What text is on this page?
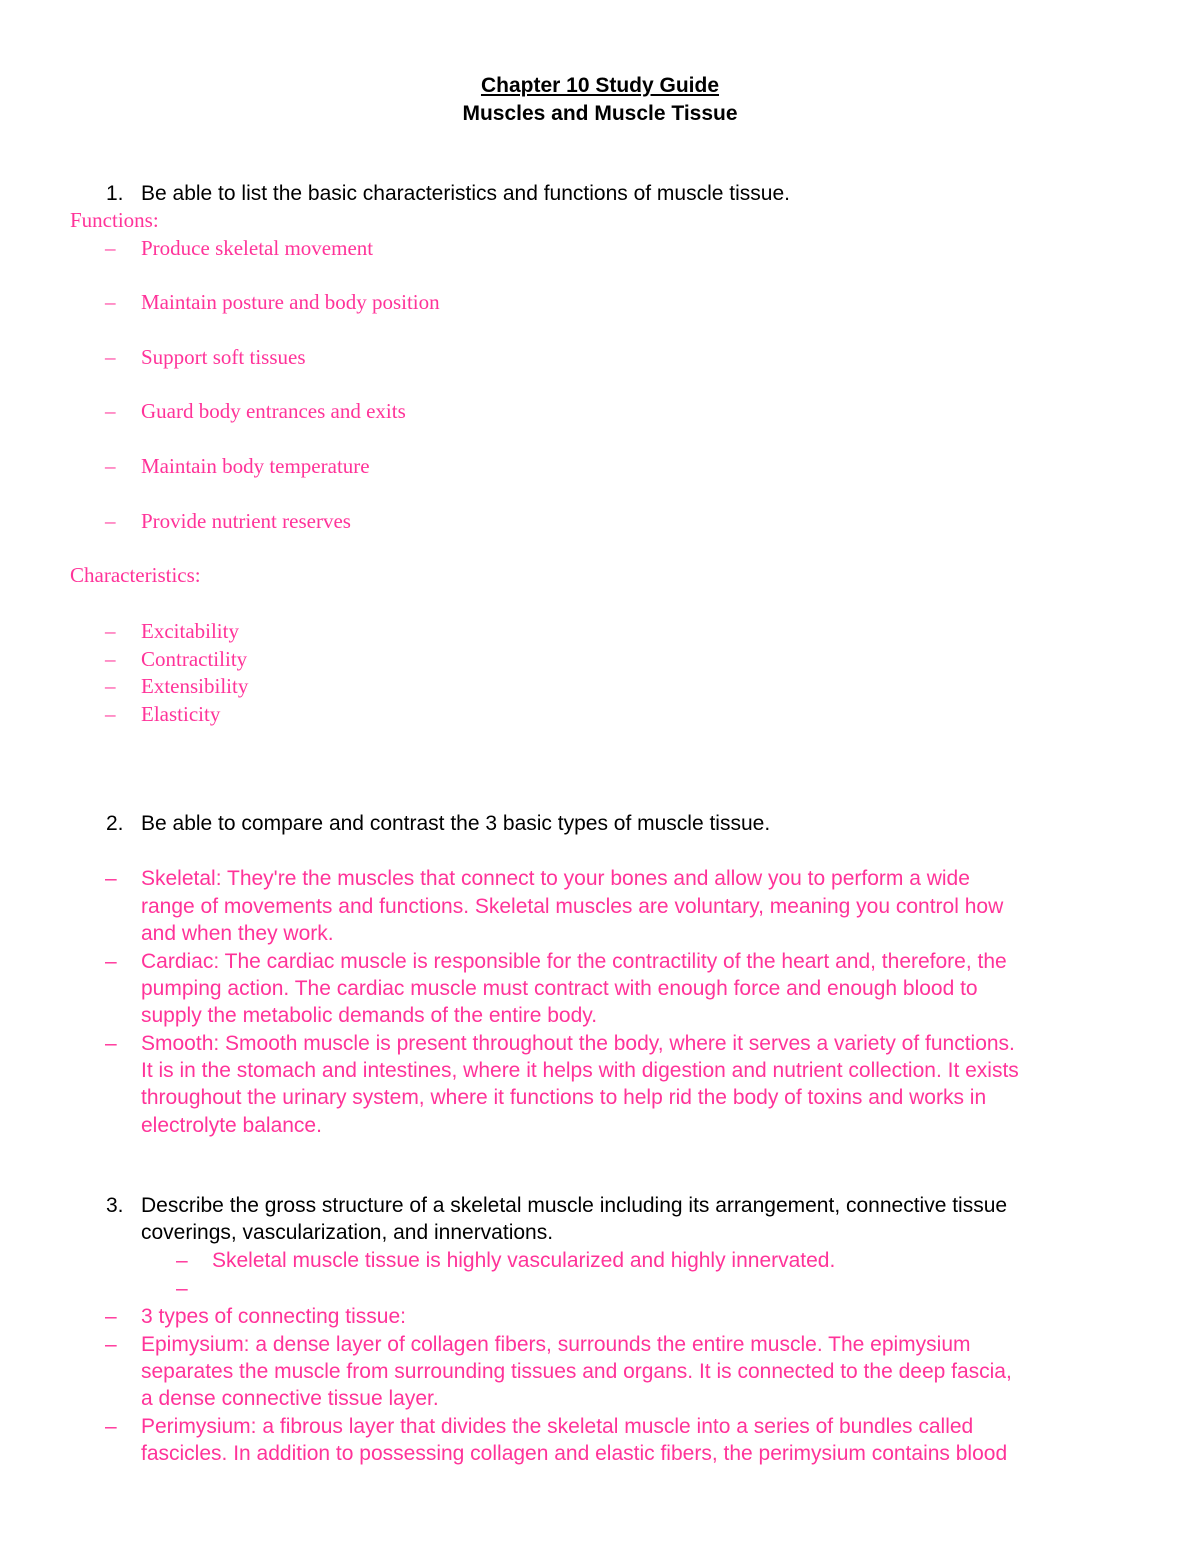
Chapter 10 Study Guide
Muscles and Muscle Tissue
1. Be able to list the basic characteristics and functions of muscle tissue.
Functions:
– Produce skeletal movement
– Maintain posture and body position
– Support soft tissues
– Guard body entrances and exits
– Maintain body temperature
– Provide nutrient reserves
Characteristics:
– Excitability
– Contractility
– Extensibility
– Elasticity
2. Be able to compare and contrast the 3 basic types of muscle tissue.
– Skeletal: They're the muscles that connect to your bones and allow you to perform a wide
range of movements and functions. Skeletal muscles are voluntary, meaning you control how
and when they work.
– Cardiac: The cardiac muscle is responsible for the contractility of the heart and, therefore, the
pumping action. The cardiac muscle must contract with enough force and enough blood to
supply the metabolic demands of the entire body.
– Smooth: Smooth muscle is present throughout the body, where it serves a variety of functions.
It is in the stomach and intestines, where it helps with digestion and nutrient collection. It exists
throughout the urinary system, where it functions to help rid the body of toxins and works in
electrolyte balance.
3. Describe the gross structure of a skeletal muscle including its arrangement, connective tissue
coverings, vascularization, and innervations.
– Skeletal muscle tissue is highly vascularized and highly innervated.
–
– 3 types of connecting tissue:
– Epimysium: a dense layer of collagen fibers, surrounds the entire muscle. The epimysium
separates the muscle from surrounding tissues and organs. It is connected to the deep fascia,
a dense connective tissue layer.
– Perimysium: a fibrous layer that divides the skeletal muscle into a series of bundles called
fascicles. In addition to possessing collagen and elastic fibers, the perimysium contains blood
